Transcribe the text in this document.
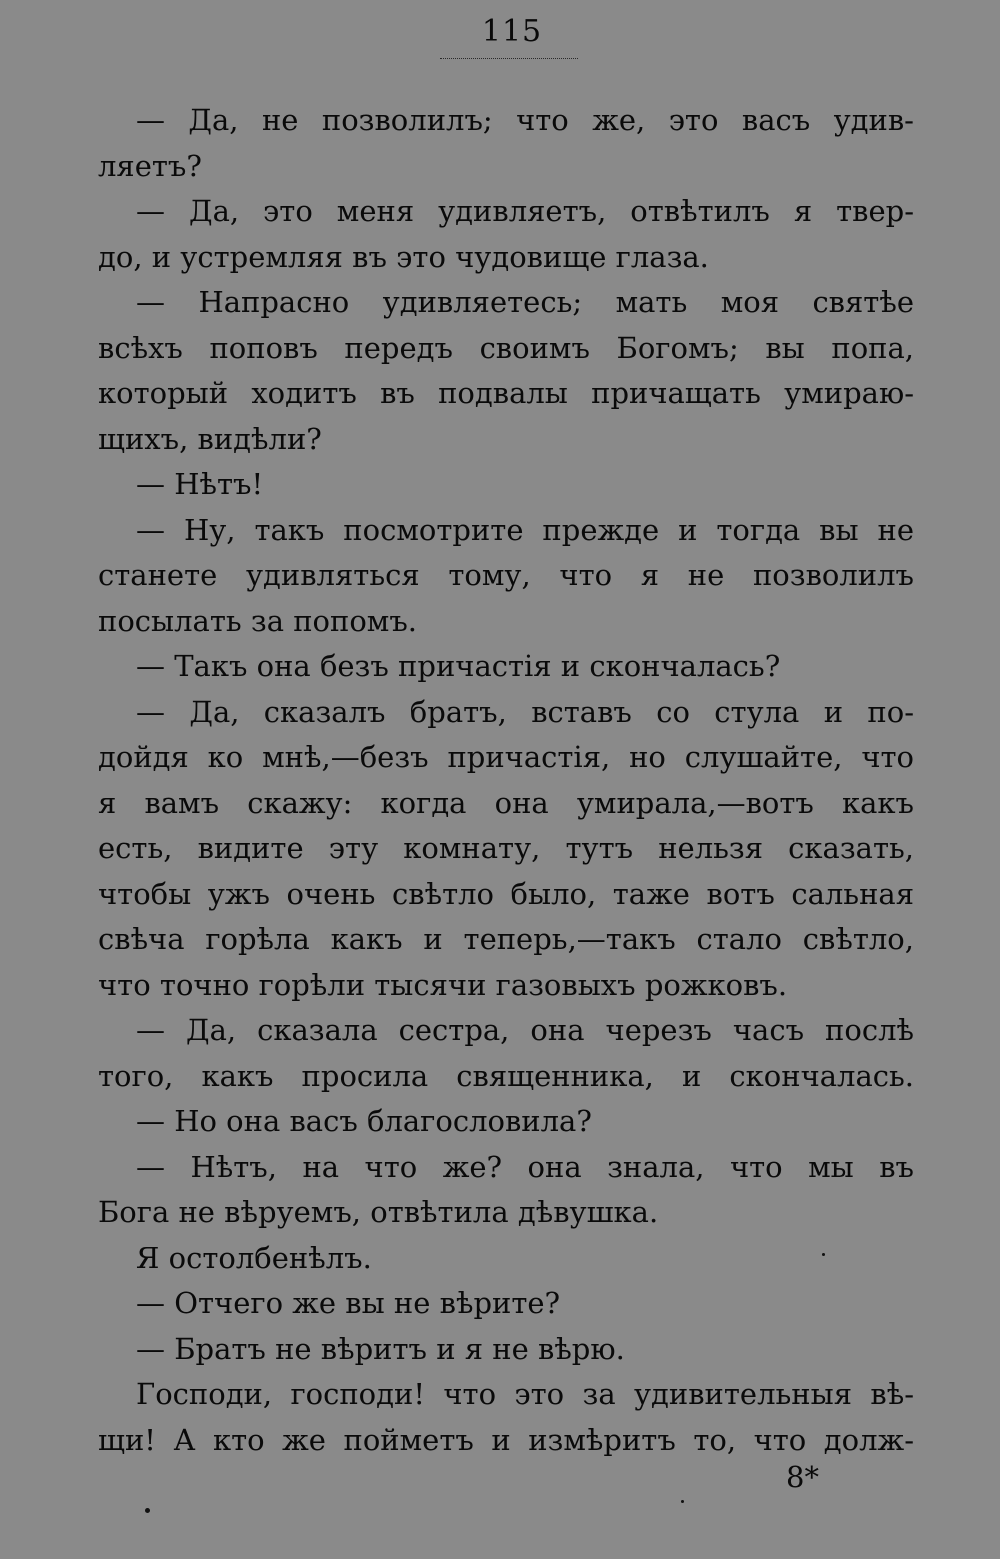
115
— Да, не позволилъ; что же, это васъ удив-
ляетъ?
— Да, это меня удивляетъ, отвѣтилъ я твер-
до, и устремляя въ это чудовище глаза.
— Напрасно удивляетесь; мать моя святѣе
всѣхъ поповъ передъ своимъ Богомъ; вы попа,
который ходитъ въ подвалы причащать умираю-
щихъ, видѣли?
— Нѣтъ!
— Ну, такъ посмотрите прежде и тогда вы не
станете удивляться тому, что я не позволилъ
посылать за попомъ.
— Такъ она безъ причастія и скончалась?
— Да, сказалъ братъ, вставъ со стула и по-
дойдя ко мнѣ,—безъ причастія, но слушайте, что
я вамъ скажу: когда она умирала,—вотъ какъ
есть, видите эту комнату, тутъ нельзя сказать,
чтобы ужъ очень свѣтло было, таже вотъ сальная
свѣча горѣла какъ и теперь,—такъ стало свѣтло,
что точно горѣли тысячи газовыхъ рожковъ.
— Да, сказала сестра, она черезъ часъ послѣ
того, какъ просила священника, и скончалась.
— Но она васъ благословила?
— Нѣтъ, на что же? она знала, что мы въ
Бога не вѣруемъ, отвѣтила дѣвушка.
Я остолбенѣлъ.
— Отчего же вы не вѣрите?
— Братъ не вѣритъ и я не вѣрю.
Господи, господи! что это за удивительныя вѣ-
щи! А кто же пойметъ и измѣритъ то, что долж-
8*
